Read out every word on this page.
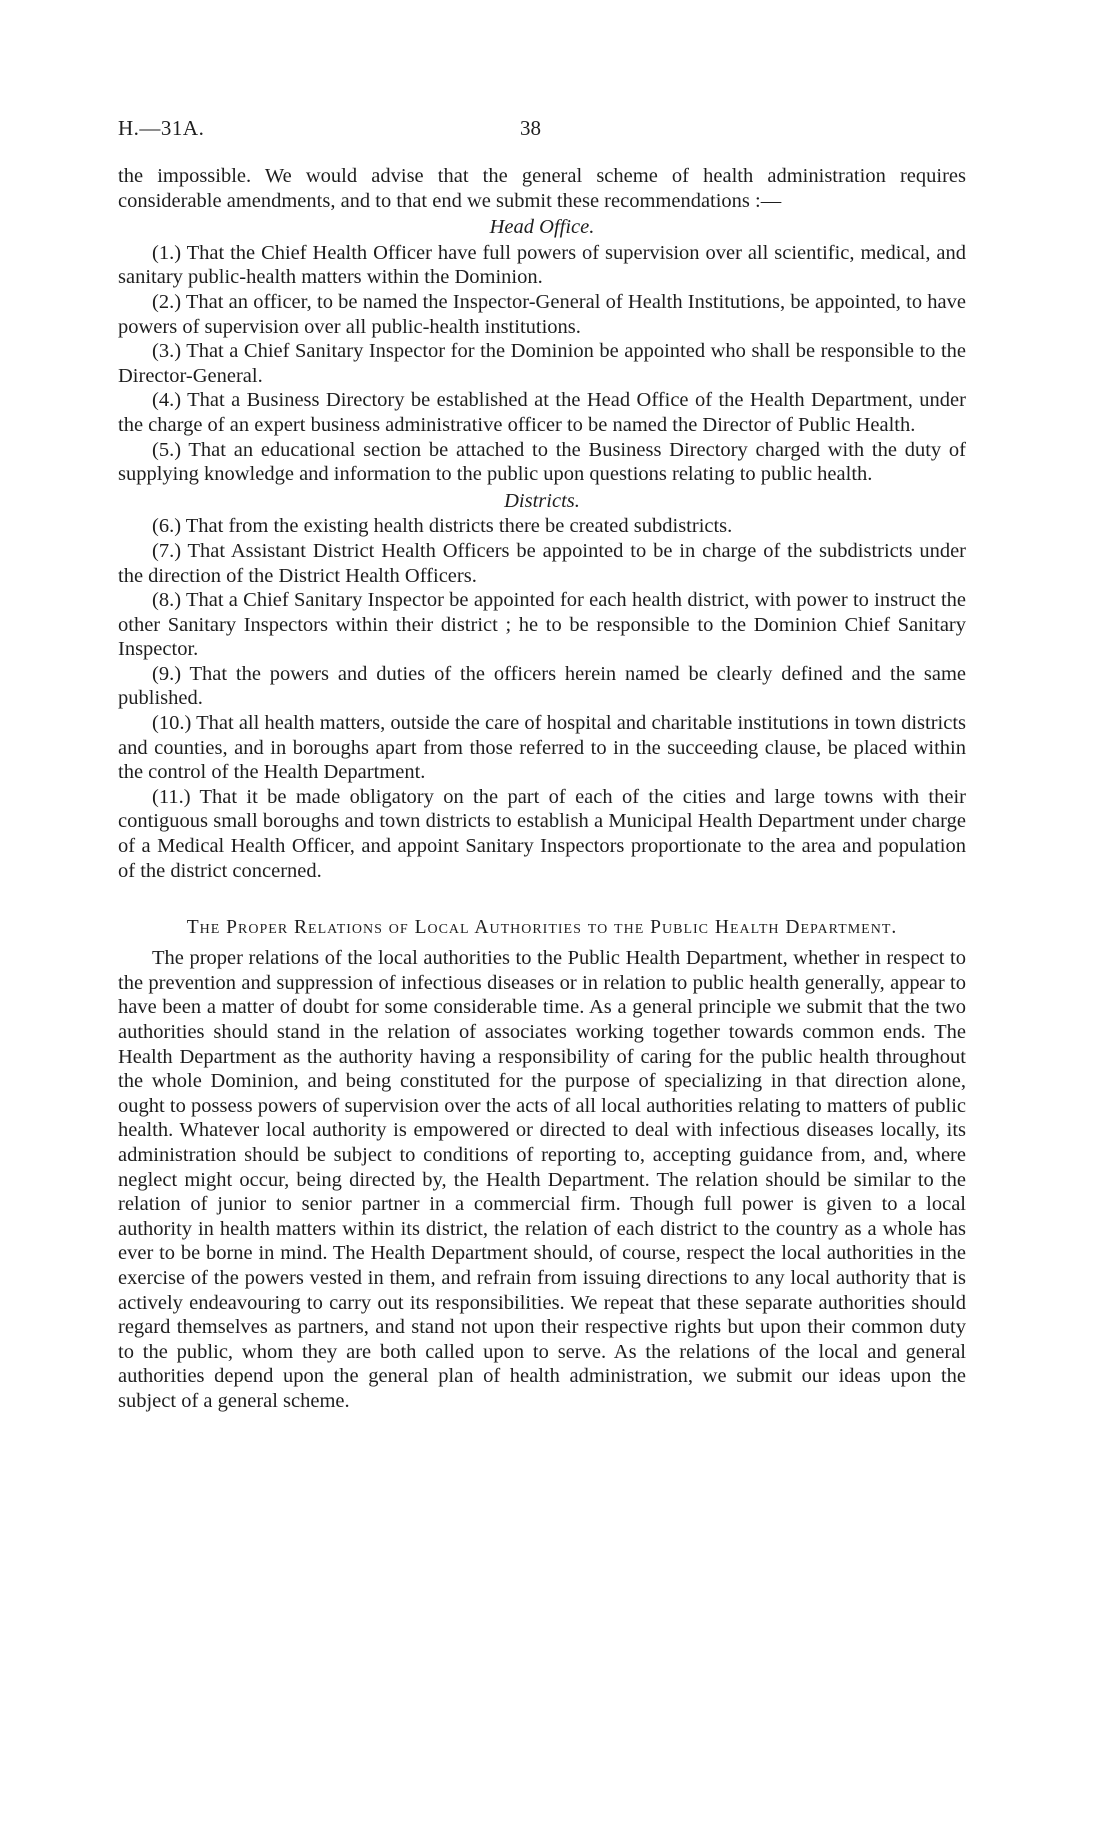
H.—31A.	38

the impossible. We would advise that the general scheme of health administration requires considerable amendments, and to that end we submit these recommendations :—

Head Office.

(1.) That the Chief Health Officer have full powers of supervision over all scientific, medical, and sanitary public-health matters within the Dominion.

(2.) That an officer, to be named the Inspector-General of Health Institutions, be appointed, to have powers of supervision over all public-health institutions.

(3.) That a Chief Sanitary Inspector for the Dominion be appointed who shall be responsible to the Director-General.

(4.) That a Business Directory be established at the Head Office of the Health Department, under the charge of an expert business administrative officer to be named the Director of Public Health.

(5.) That an educational section be attached to the Business Directory charged with the duty of supplying knowledge and information to the public upon questions relating to public health.

Districts.

(6.) That from the existing health districts there be created subdistricts.

(7.) That Assistant District Health Officers be appointed to be in charge of the subdistricts under the direction of the District Health Officers.

(8.) That a Chief Sanitary Inspector be appointed for each health district, with power to instruct the other Sanitary Inspectors within their district ; he to be responsible to the Dominion Chief Sanitary Inspector.

(9.) That the powers and duties of the officers herein named be clearly defined and the same published.

(10.) That all health matters, outside the care of hospital and charitable institutions in town districts and counties, and in boroughs apart from those referred to in the succeeding clause, be placed within the control of the Health Department.

(11.) That it be made obligatory on the part of each of the cities and large towns with their contiguous small boroughs and town districts to establish a Municipal Health Department under charge of a Medical Health Officer, and appoint Sanitary Inspectors proportionate to the area and population of the district concerned.

The Proper Relations of Local Authorities to the Public Health Department.

The proper relations of the local authorities to the Public Health Department, whether in respect to the prevention and suppression of infectious diseases or in relation to public health generally, appear to have been a matter of doubt for some considerable time. As a general principle we submit that the two authorities should stand in the relation of associates working together towards common ends. The Health Department as the authority having a responsibility of caring for the public health throughout the whole Dominion, and being constituted for the purpose of specializing in that direction alone, ought to possess powers of supervision over the acts of all local authorities relating to matters of public health. Whatever local authority is empowered or directed to deal with infectious diseases locally, its administration should be subject to conditions of reporting to, accepting guidance from, and, where neglect might occur, being directed by, the Health Department. The relation should be similar to the relation of junior to senior partner in a commercial firm. Though full power is given to a local authority in health matters within its district, the relation of each district to the country as a whole has ever to be borne in mind. The Health Department should, of course, respect the local authorities in the exercise of the powers vested in them, and refrain from issuing directions to any local authority that is actively endeavouring to carry out its responsibilities. We repeat that these separate authorities should regard themselves as partners, and stand not upon their respective rights but upon their common duty to the public, whom they are both called upon to serve. As the relations of the local and general authorities depend upon the general plan of health administration, we submit our ideas upon the subject of a general scheme.
